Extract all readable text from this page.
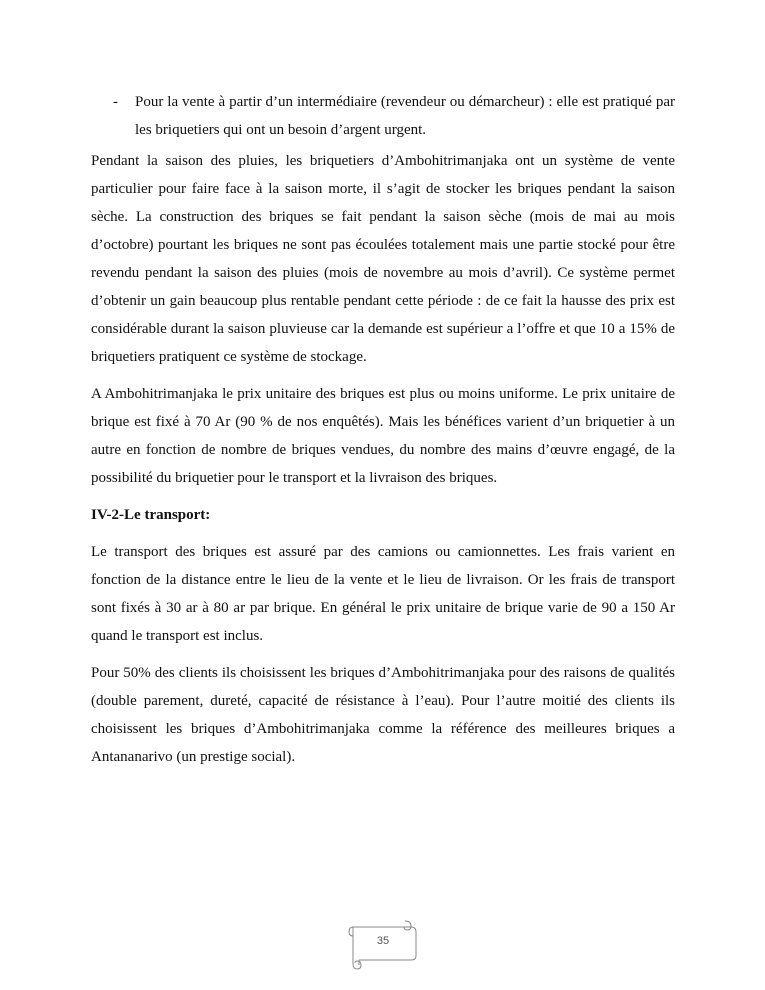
- Pour la vente à partir d’un intermédiaire (revendeur ou démarcheur) : elle est pratiqué par les briquetiers qui ont un besoin d’argent urgent.

Pendant la saison des pluies, les briquetiers d’Ambohitrimanjaka ont un système de vente particulier pour faire face à la saison morte, il s’agit de stocker les briques pendant la saison sèche. La construction des briques se fait pendant la saison sèche (mois de mai au mois d’octobre) pourtant les briques ne sont pas écoulées totalement mais une partie stocké pour être revendu pendant la saison des pluies (mois de novembre au mois d’avril). Ce système permet d’obtenir un gain beaucoup plus rentable pendant cette période : de ce fait la hausse des prix est considérable durant la saison pluvieuse car la demande est supérieur a l’offre et que 10 a 15% de briquetiers pratiquent ce système de stockage.

A Ambohitrimanjaka le prix unitaire des briques est plus ou moins uniforme. Le prix unitaire de brique est fixé à 70 Ar (90 % de nos enquêtés). Mais les bénéfices varient d’un briquetier à un autre en fonction de nombre de briques vendues, du nombre des mains d’œuvre engagé, de la possibilité du briquetier pour le transport et la livraison des briques.

IV-2-Le transport:

Le transport des briques est assuré par des camions ou camionnettes. Les frais varient en fonction de la distance entre le lieu de la vente et le lieu de livraison. Or les frais de transport sont fixés à 30 ar à 80 ar par brique. En général le prix unitaire de brique varie de 90 a 150 Ar quand le transport est inclus.

Pour 50% des clients ils choisissent les briques d’Ambohitrimanjaka pour des raisons de qualités (double parement, dureté, capacité de résistance à l’eau). Pour l’autre moitié des clients ils choisissent les briques d’Ambohitrimanjaka comme la référence des meilleures briques a Antananarivo (un prestige social).

35
